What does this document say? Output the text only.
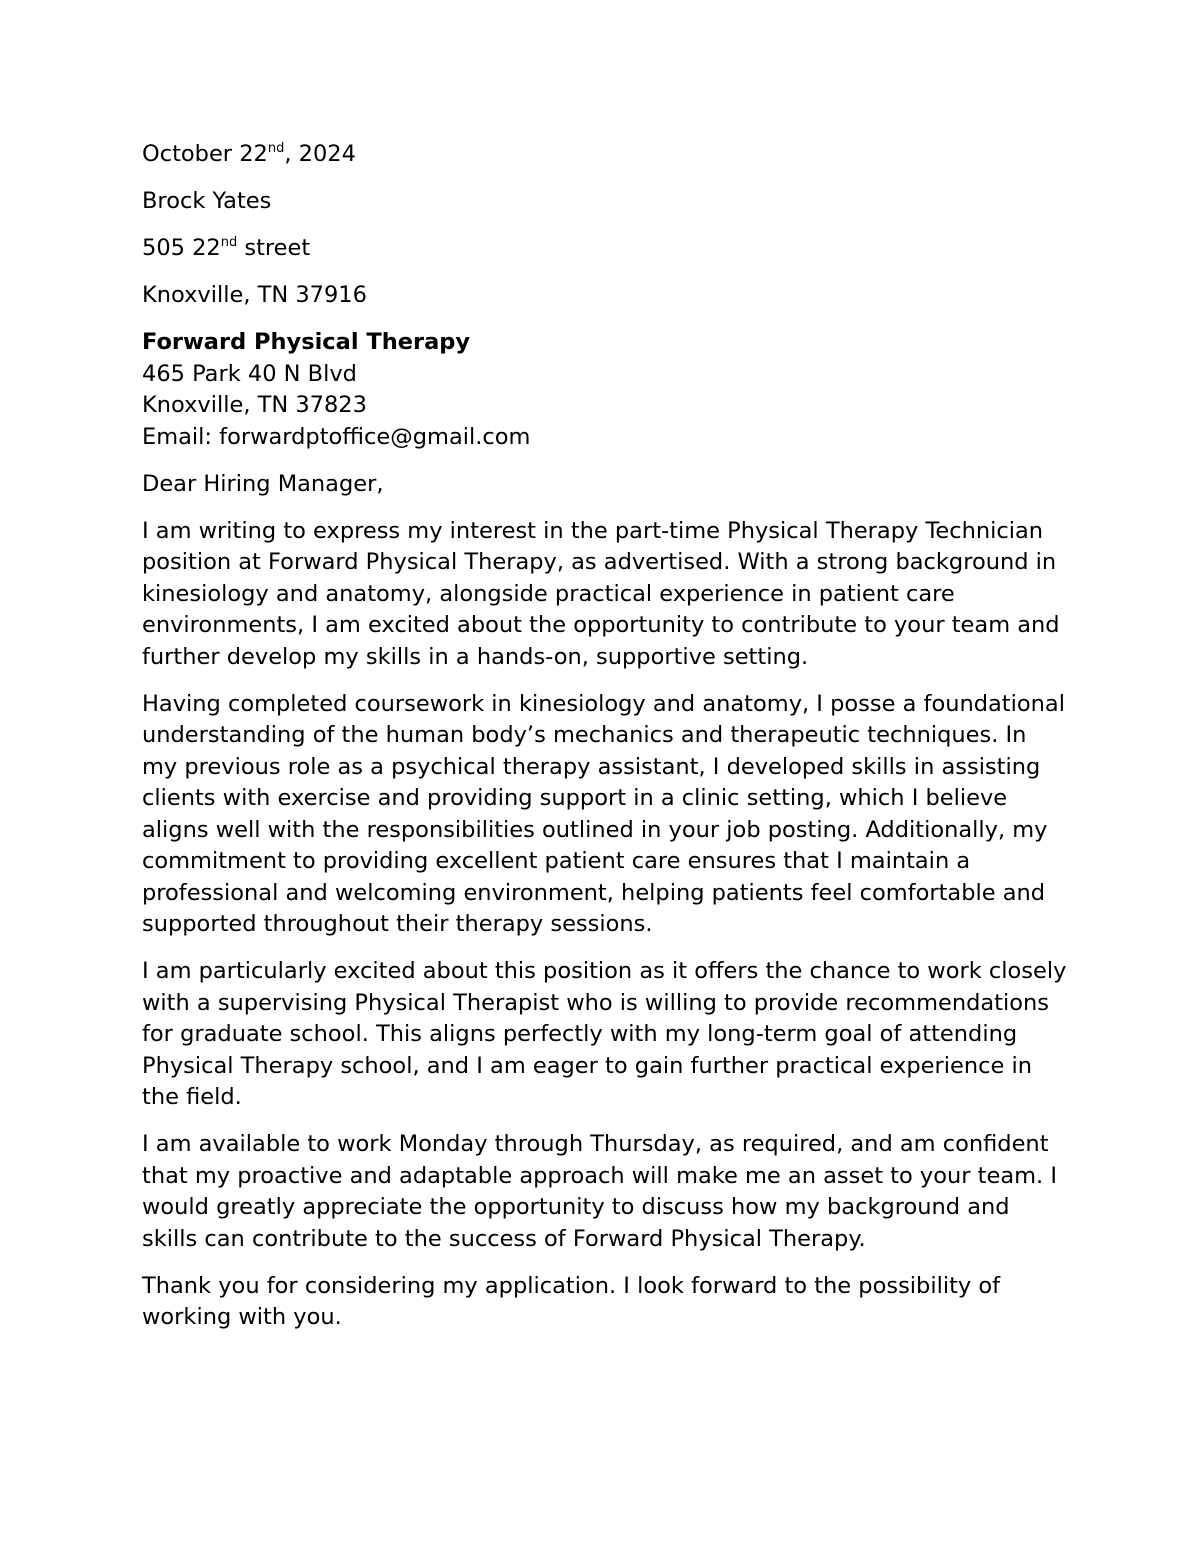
October 22nd, 2024
Brock Yates
505 22nd street
Knoxville, TN 37916
Forward Physical Therapy
465 Park 40 N Blvd
Knoxville, TN 37823
Email: forwardptoffice@gmail.com
Dear Hiring Manager,

I am writing to express my interest in the part-time Physical Therapy Technician position at Forward Physical Therapy, as advertised. With a strong background in kinesiology and anatomy, alongside practical experience in patient care environments, I am excited about the opportunity to contribute to your team and further develop my skills in a hands-on, supportive setting.

Having completed coursework in kinesiology and anatomy, I posse a foundational understanding of the human body’s mechanics and therapeutic techniques. In my previous role as a psychical therapy assistant, I developed skills in assisting clients with exercise and providing support in a clinic setting, which I believe aligns well with the responsibilities outlined in your job posting. Additionally, my commitment to providing excellent patient care ensures that I maintain a professional and welcoming environment, helping patients feel comfortable and supported throughout their therapy sessions.

I am particularly excited about this position as it offers the chance to work closely with a supervising Physical Therapist who is willing to provide recommendations for graduate school. This aligns perfectly with my long-term goal of attending Physical Therapy school, and I am eager to gain further practical experience in the field.

I am available to work Monday through Thursday, as required, and am confident that my proactive and adaptable approach will make me an asset to your team. I would greatly appreciate the opportunity to discuss how my background and skills can contribute to the success of Forward Physical Therapy.

Thank you for considering my application. I look forward to the possibility of working with you.
